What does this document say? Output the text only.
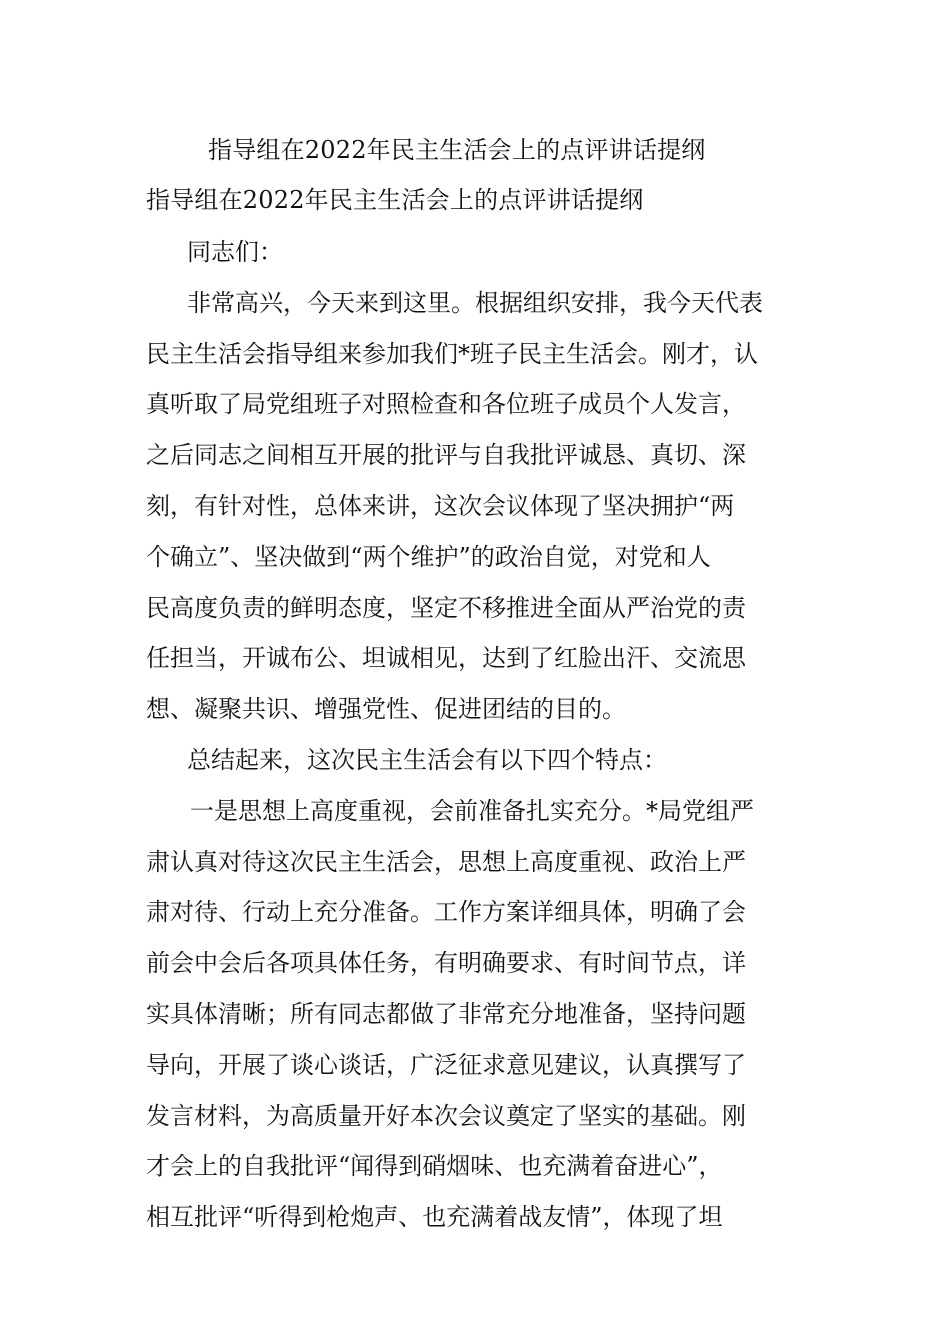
指导组在2022年民主生活会上的点评讲话提纲
指导组在2022年民主生活会上的点评讲话提纲
同志们：
非常高兴，今天来到这里。根据组织安排，我今天代表
民主生活会指导组来参加我们*班子民主生活会。刚才，认
真听取了局党组班子对照检查和各位班子成员个人发言，
之后同志之间相互开展的批评与自我批评诚恳、真切、深
刻，有针对性，总体来讲，这次会议体现了坚决拥护“两
个确立”、坚决做到“两个维护”的政治自觉，对党和人
民高度负责的鲜明态度，坚定不移推进全面从严治党的责
任担当，开诚布公、坦诚相见，达到了红脸出汗、交流思
想、凝聚共识、增强党性、促进团结的目的。
总结起来，这次民主生活会有以下四个特点：
一是思想上高度重视，会前准备扎实充分。*局党组严
肃认真对待这次民主生活会，思想上高度重视、政治上严
肃对待、行动上充分准备。工作方案详细具体，明确了会
前会中会后各项具体任务，有明确要求、有时间节点，详
实具体清晰；所有同志都做了非常充分地准备，坚持问题
导向，开展了谈心谈话，广泛征求意见建议，认真撰写了
发言材料，为高质量开好本次会议奠定了坚实的基础。刚
才会上的自我批评“闻得到硝烟味、也充满着奋进心”，
相互批评“听得到枪炮声、也充满着战友情”，体现了坦
